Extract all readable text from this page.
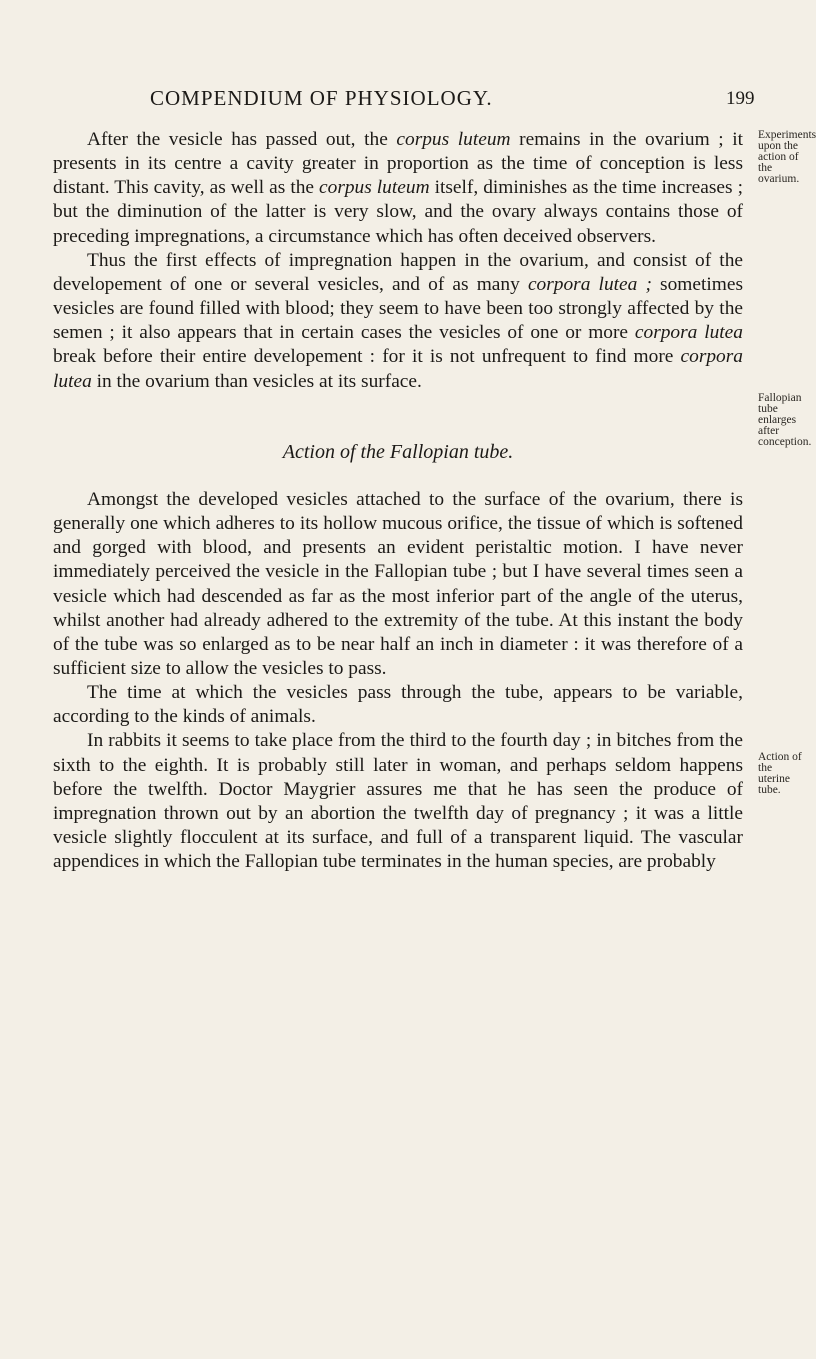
COMPENDIUM OF PHYSIOLOGY.	199

After the vesicle has passed out, the corpus luteum remains in the ovarium ; it presents in its centre a cavity greater in proportion as the time of conception is less distant. This cavity, as well as the corpus luteum itself, diminishes as the time increases ; but the diminution of the latter is very slow, and the ovary always contains those of preceding impregnations, a circumstance which has often deceived observers.

Thus the first effects of impregnation happen in the ovarium, and consist of the developement of one or several vesicles, and of as many corpora lutea ; sometimes vesicles are found filled with blood; they seem to have been too strongly affected by the semen ; it also appears that in certain cases the vesicles of one or more corpora lutea break before their entire developement : for it is not unfrequent to find more corpora lutea in the ovarium than vesicles at its surface.

Action of the Fallopian tube.

Amongst the developed vesicles attached to the surface of the ovarium, there is generally one which adheres to its hollow mucous orifice, the tissue of which is softened and gorged with blood, and presents an evident peristaltic motion. I have never immediately perceived the vesicle in the Fallopian tube ; but I have several times seen a vesicle which had descended as far as the most inferior part of the angle of the uterus, whilst another had already adhered to the extremity of the tube. At this instant the body of the tube was so enlarged as to be near half an inch in diameter : it was therefore of a sufficient size to allow the vesicles to pass.

The time at which the vesicles pass through the tube, appears to be variable, according to the kinds of animals.

In rabbits it seems to take place from the third to the fourth day ; in bitches from the sixth to the eighth. It is probably still later in woman, and perhaps seldom happens before the twelfth. Doctor Maygrier assures me that he has seen the produce of impregnation thrown out by an abortion the twelfth day of pregnancy ; it was a little vesicle slightly flocculent at its surface, and full of a transparent liquid. The vascular appendices in which the Fallopian tube terminates in the human species, are probably

Experiments upon the action of the ovarium.
Fallopian tube enlarges after conception.
Action of the uterine tube.
